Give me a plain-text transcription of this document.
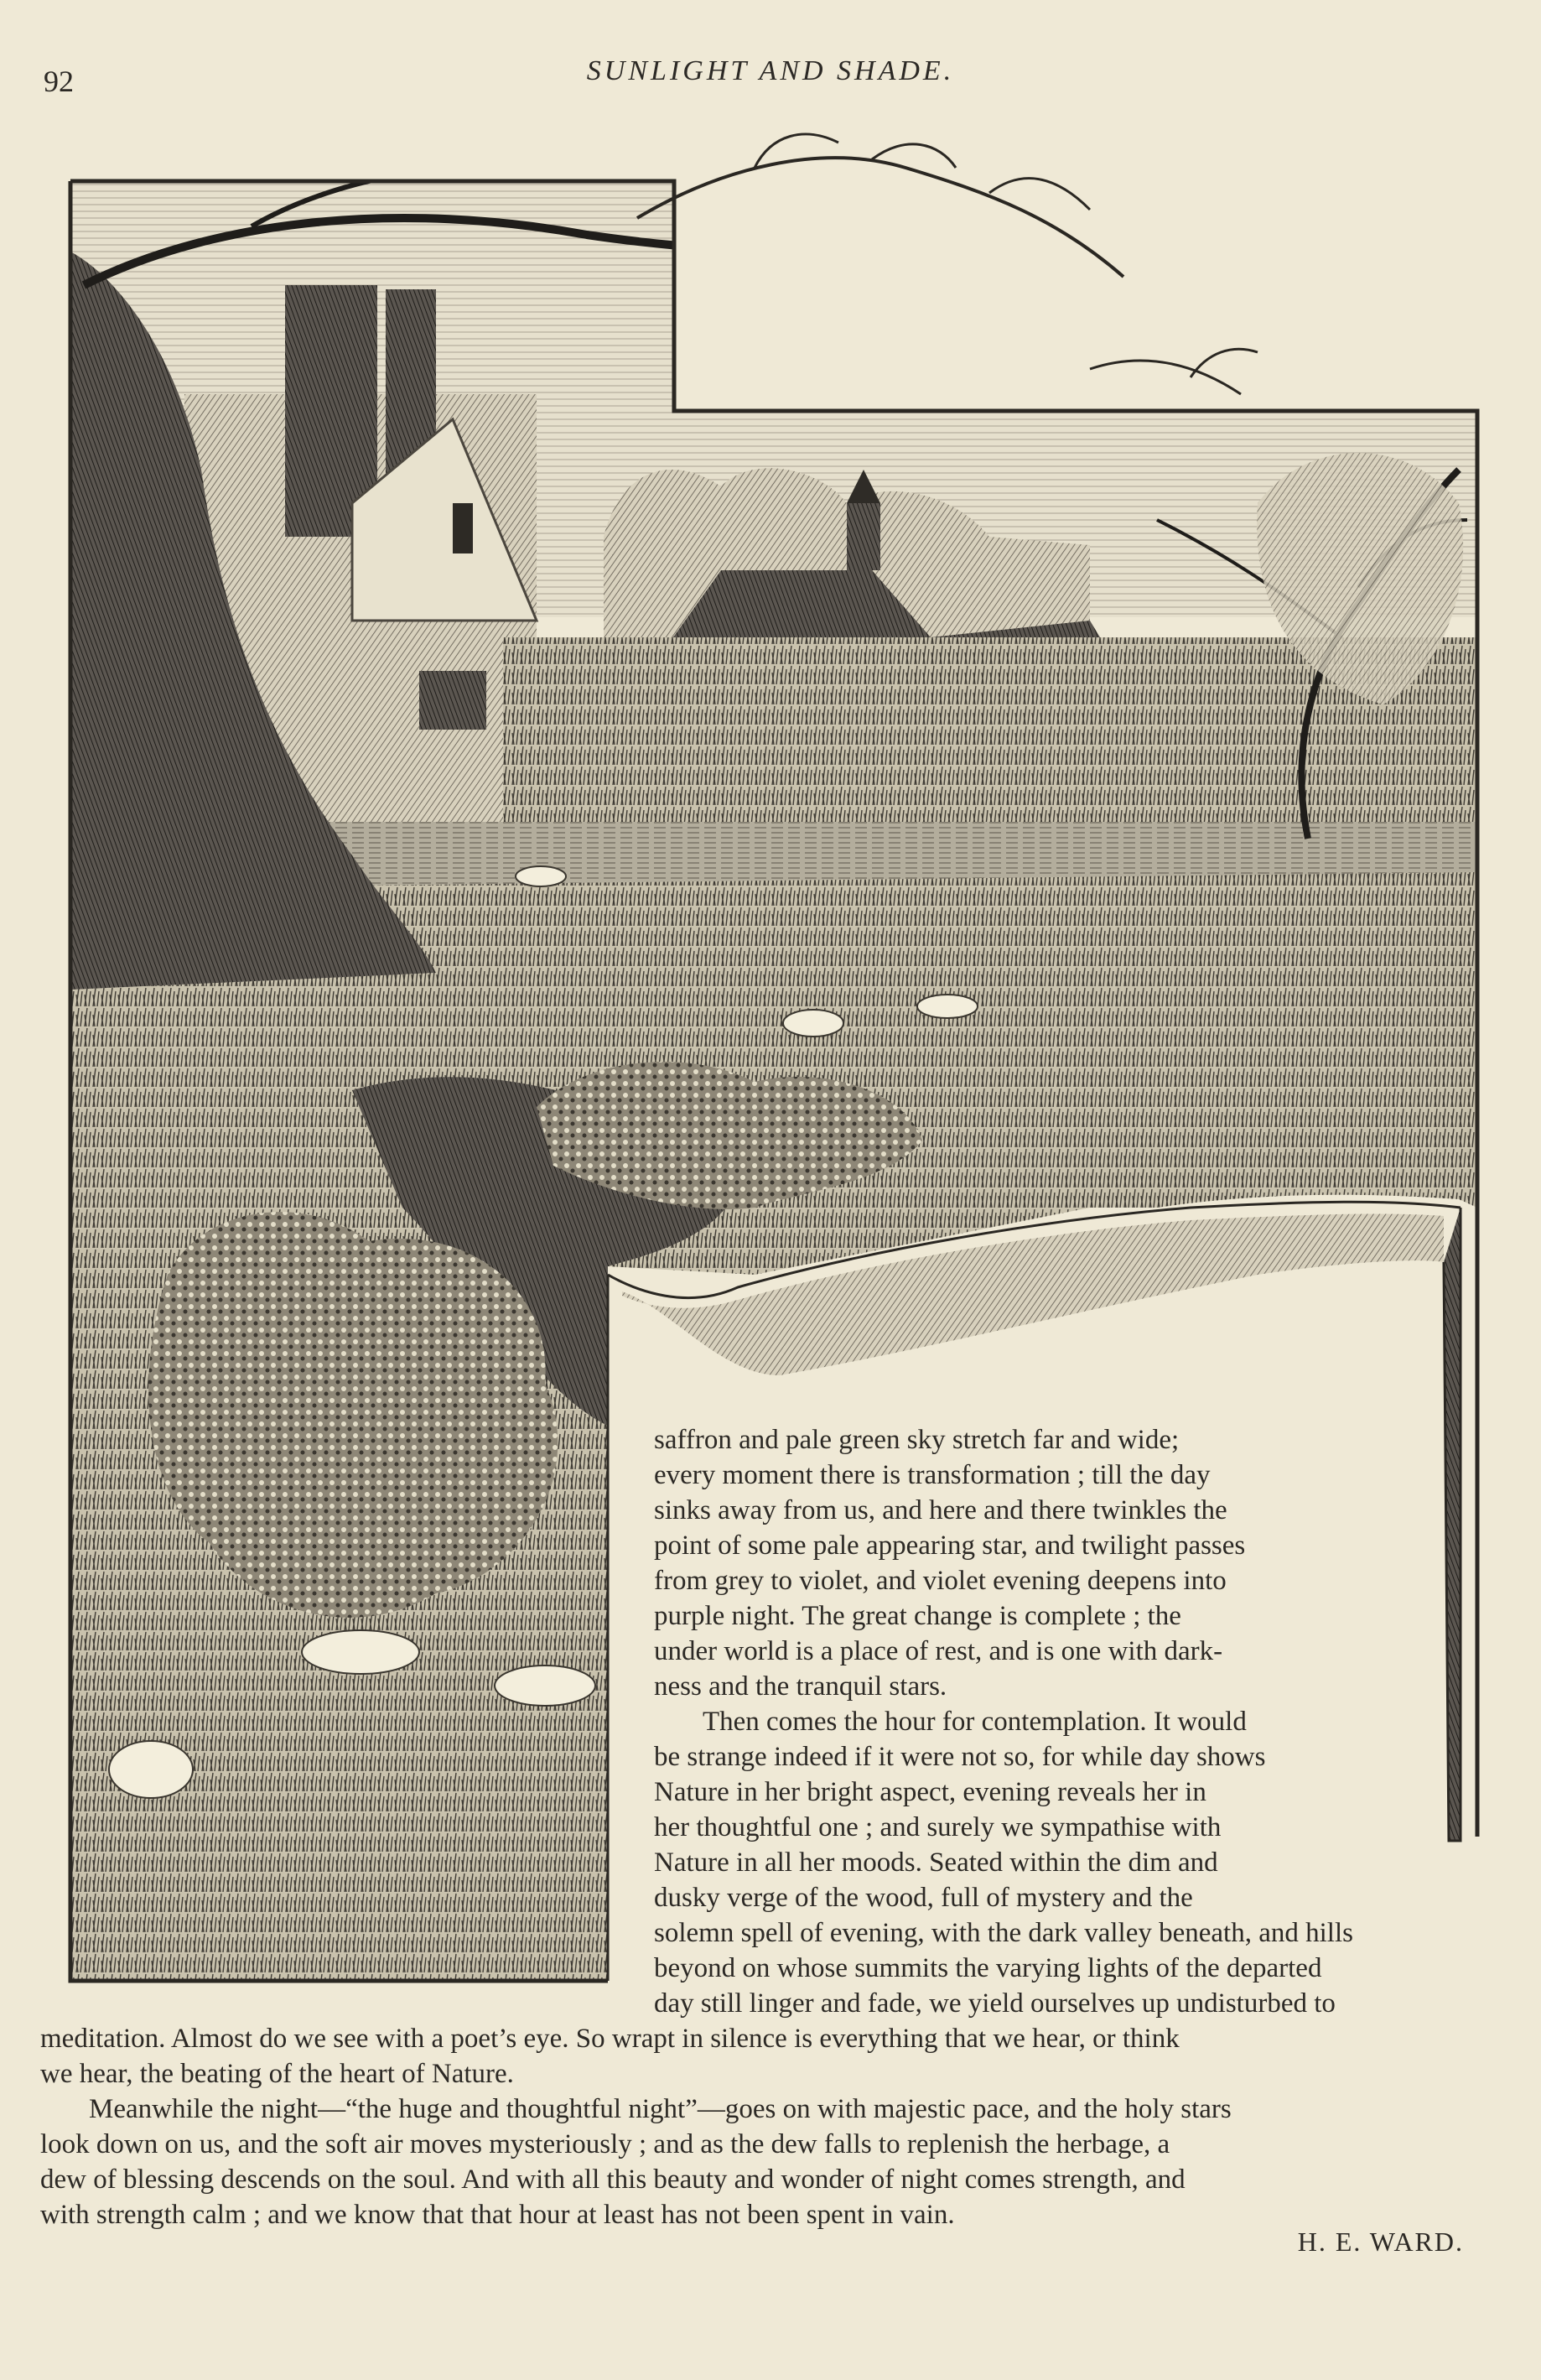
92	SUNLIGHT AND SHADE.
saffron and pale green sky stretch far and wide;
every moment there is transformation ; till the day
sinks away from us, and here and there twinkles the
point of some pale appearing star, and twilight passes
from grey to violet, and violet evening deepens into
purple night. The great change is complete ; the
under world is a place of rest, and is one with dark-
ness and the tranquil stars.
Then comes the hour for contemplation. It would
be strange indeed if it were not so, for while day shows
Nature in her bright aspect, evening reveals her in
her thoughtful one ; and surely we sympathise with
Nature in all her moods. Seated within the dim and
dusky verge of the wood, full of mystery and the
solemn spell of evening, with the dark valley beneath, and hills
beyond on whose summits the varying lights of the departed
day still linger and fade, we yield ourselves up undisturbed to
meditation. Almost do we see with a poet’s eye. So wrapt in silence is everything that we hear, or think
we hear, the beating of the heart of Nature.
Meanwhile the night—“the huge and thoughtful night”—goes on with majestic pace, and the holy stars
look down on us, and the soft air moves mysteriously ; and as the dew falls to replenish the herbage, a
dew of blessing descends on the soul. And with all this beauty and wonder of night comes strength, and
with strength calm ; and we know that that hour at least has not been spent in vain.
H. E. WARD.
